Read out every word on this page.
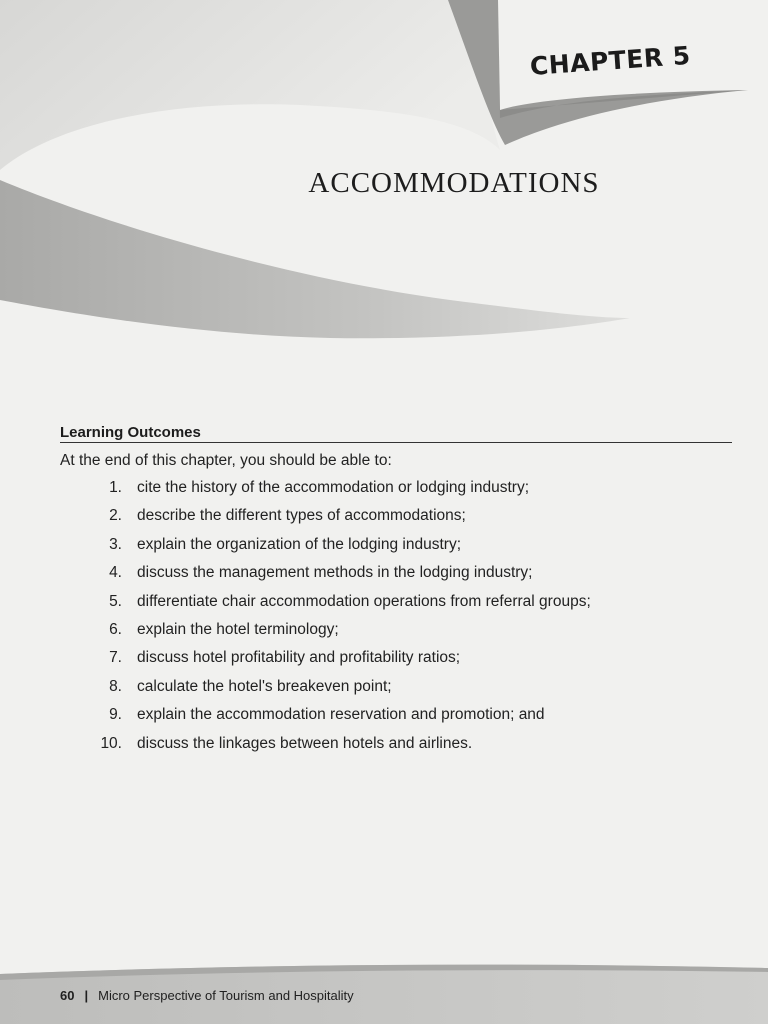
CHAPTER 5
ACCOMMODATIONS
Learning Outcomes
At the end of this chapter, you should be able to:
1. cite the history of the accommodation or lodging industry;
2. describe the different types of accommodations;
3. explain the organization of the lodging industry;
4. discuss the management methods in the lodging industry;
5. differentiate chair accommodation operations from referral groups;
6. explain the hotel terminology;
7. discuss hotel profitability and profitability ratios;
8. calculate the hotel's breakeven point;
9. explain the accommodation reservation and promotion; and
10. discuss the linkages between hotels and airlines.
60 | Micro Perspective of Tourism and Hospitality
